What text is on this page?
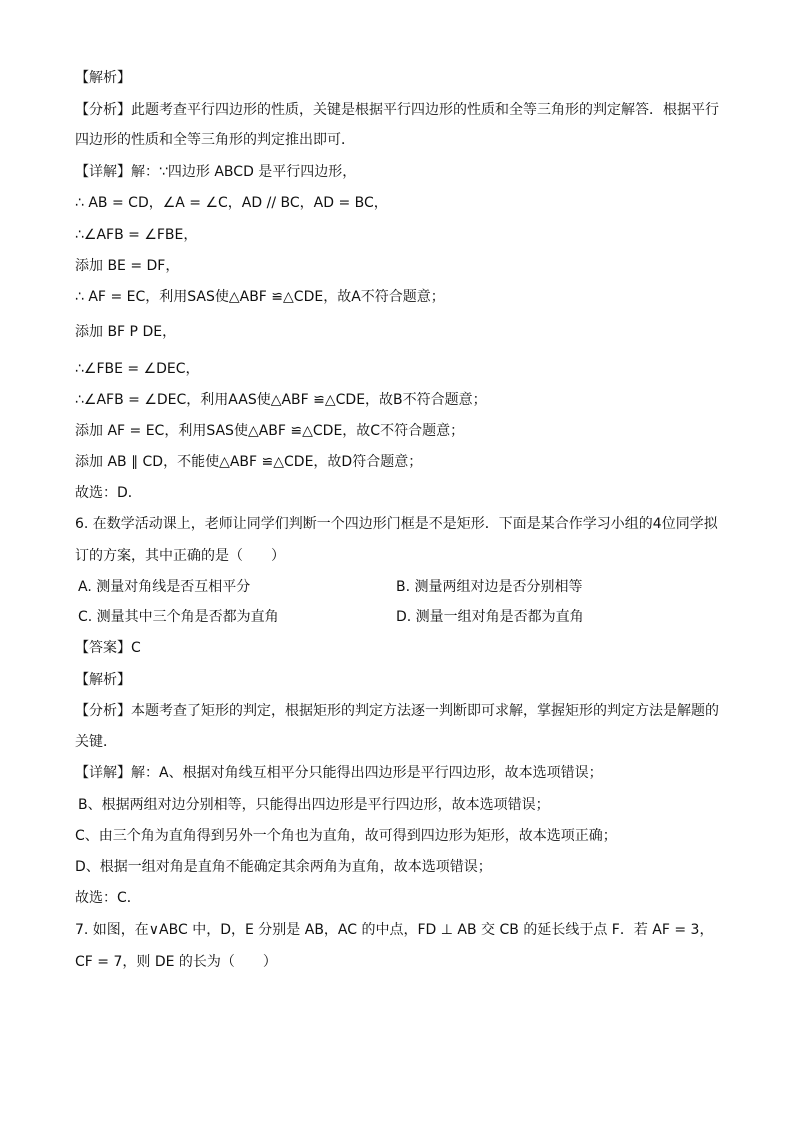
【解析】
【分析】此题考查平行四边形的性质，关键是根据平行四边形的性质和全等三角形的判定解答．根据平行
四边形的性质和全等三角形的判定推出即可．
【详解】解：∵四边形 ABCD 是平行四边形，
∴ AB = CD，∠A = ∠C，AD // BC，AD = BC，
∴∠AFB = ∠FBE，
添加 BE = DF，
∴ AF = EC，利用SAS使△ABF ≌△CDE，故A不符合题意；
添加 BF Ρ DE，
∴∠FBE = ∠DEC，
∴∠AFB = ∠DEC，利用AAS使△ABF ≌△CDE，故B不符合题意；
添加 AF = EC，利用SAS使△ABF ≌△CDE，故C不符合题意；
添加 AB ∥ CD，不能使△ABF ≌△CDE，故D符合题意；
故选：D．
6. 在数学活动课上，老师让同学们判断一个四边形门框是不是矩形．下面是某合作学习小组的4位同学拟
订的方案，其中正确的是（　　）
A. 测量对角线是否互相平分	B. 测量两组对边是否分别相等
C. 测量其中三个角是否都为直角	D. 测量一组对角是否都为直角
【答案】C
【解析】
【分析】本题考查了矩形的判定，根据矩形的判定方法逐一判断即可求解，掌握矩形的判定方法是解题的
关键．
【详解】解：A、根据对角线互相平分只能得出四边形是平行四边形，故本选项错误；
B、根据两组对边分别相等，只能得出四边形是平行四边形，故本选项错误；
C、由三个角为直角得到另外一个角也为直角，故可得到四边形为矩形，故本选项正确；
D、根据一组对角是直角不能确定其余两角为直角，故本选项错误；
故选：C．
7. 如图，在∨ABC 中，D，E 分别是 AB，AC 的中点，FD ⊥ AB 交 CB 的延长线于点 F．若 AF = 3，
CF = 7，则 DE 的长为（　　）
